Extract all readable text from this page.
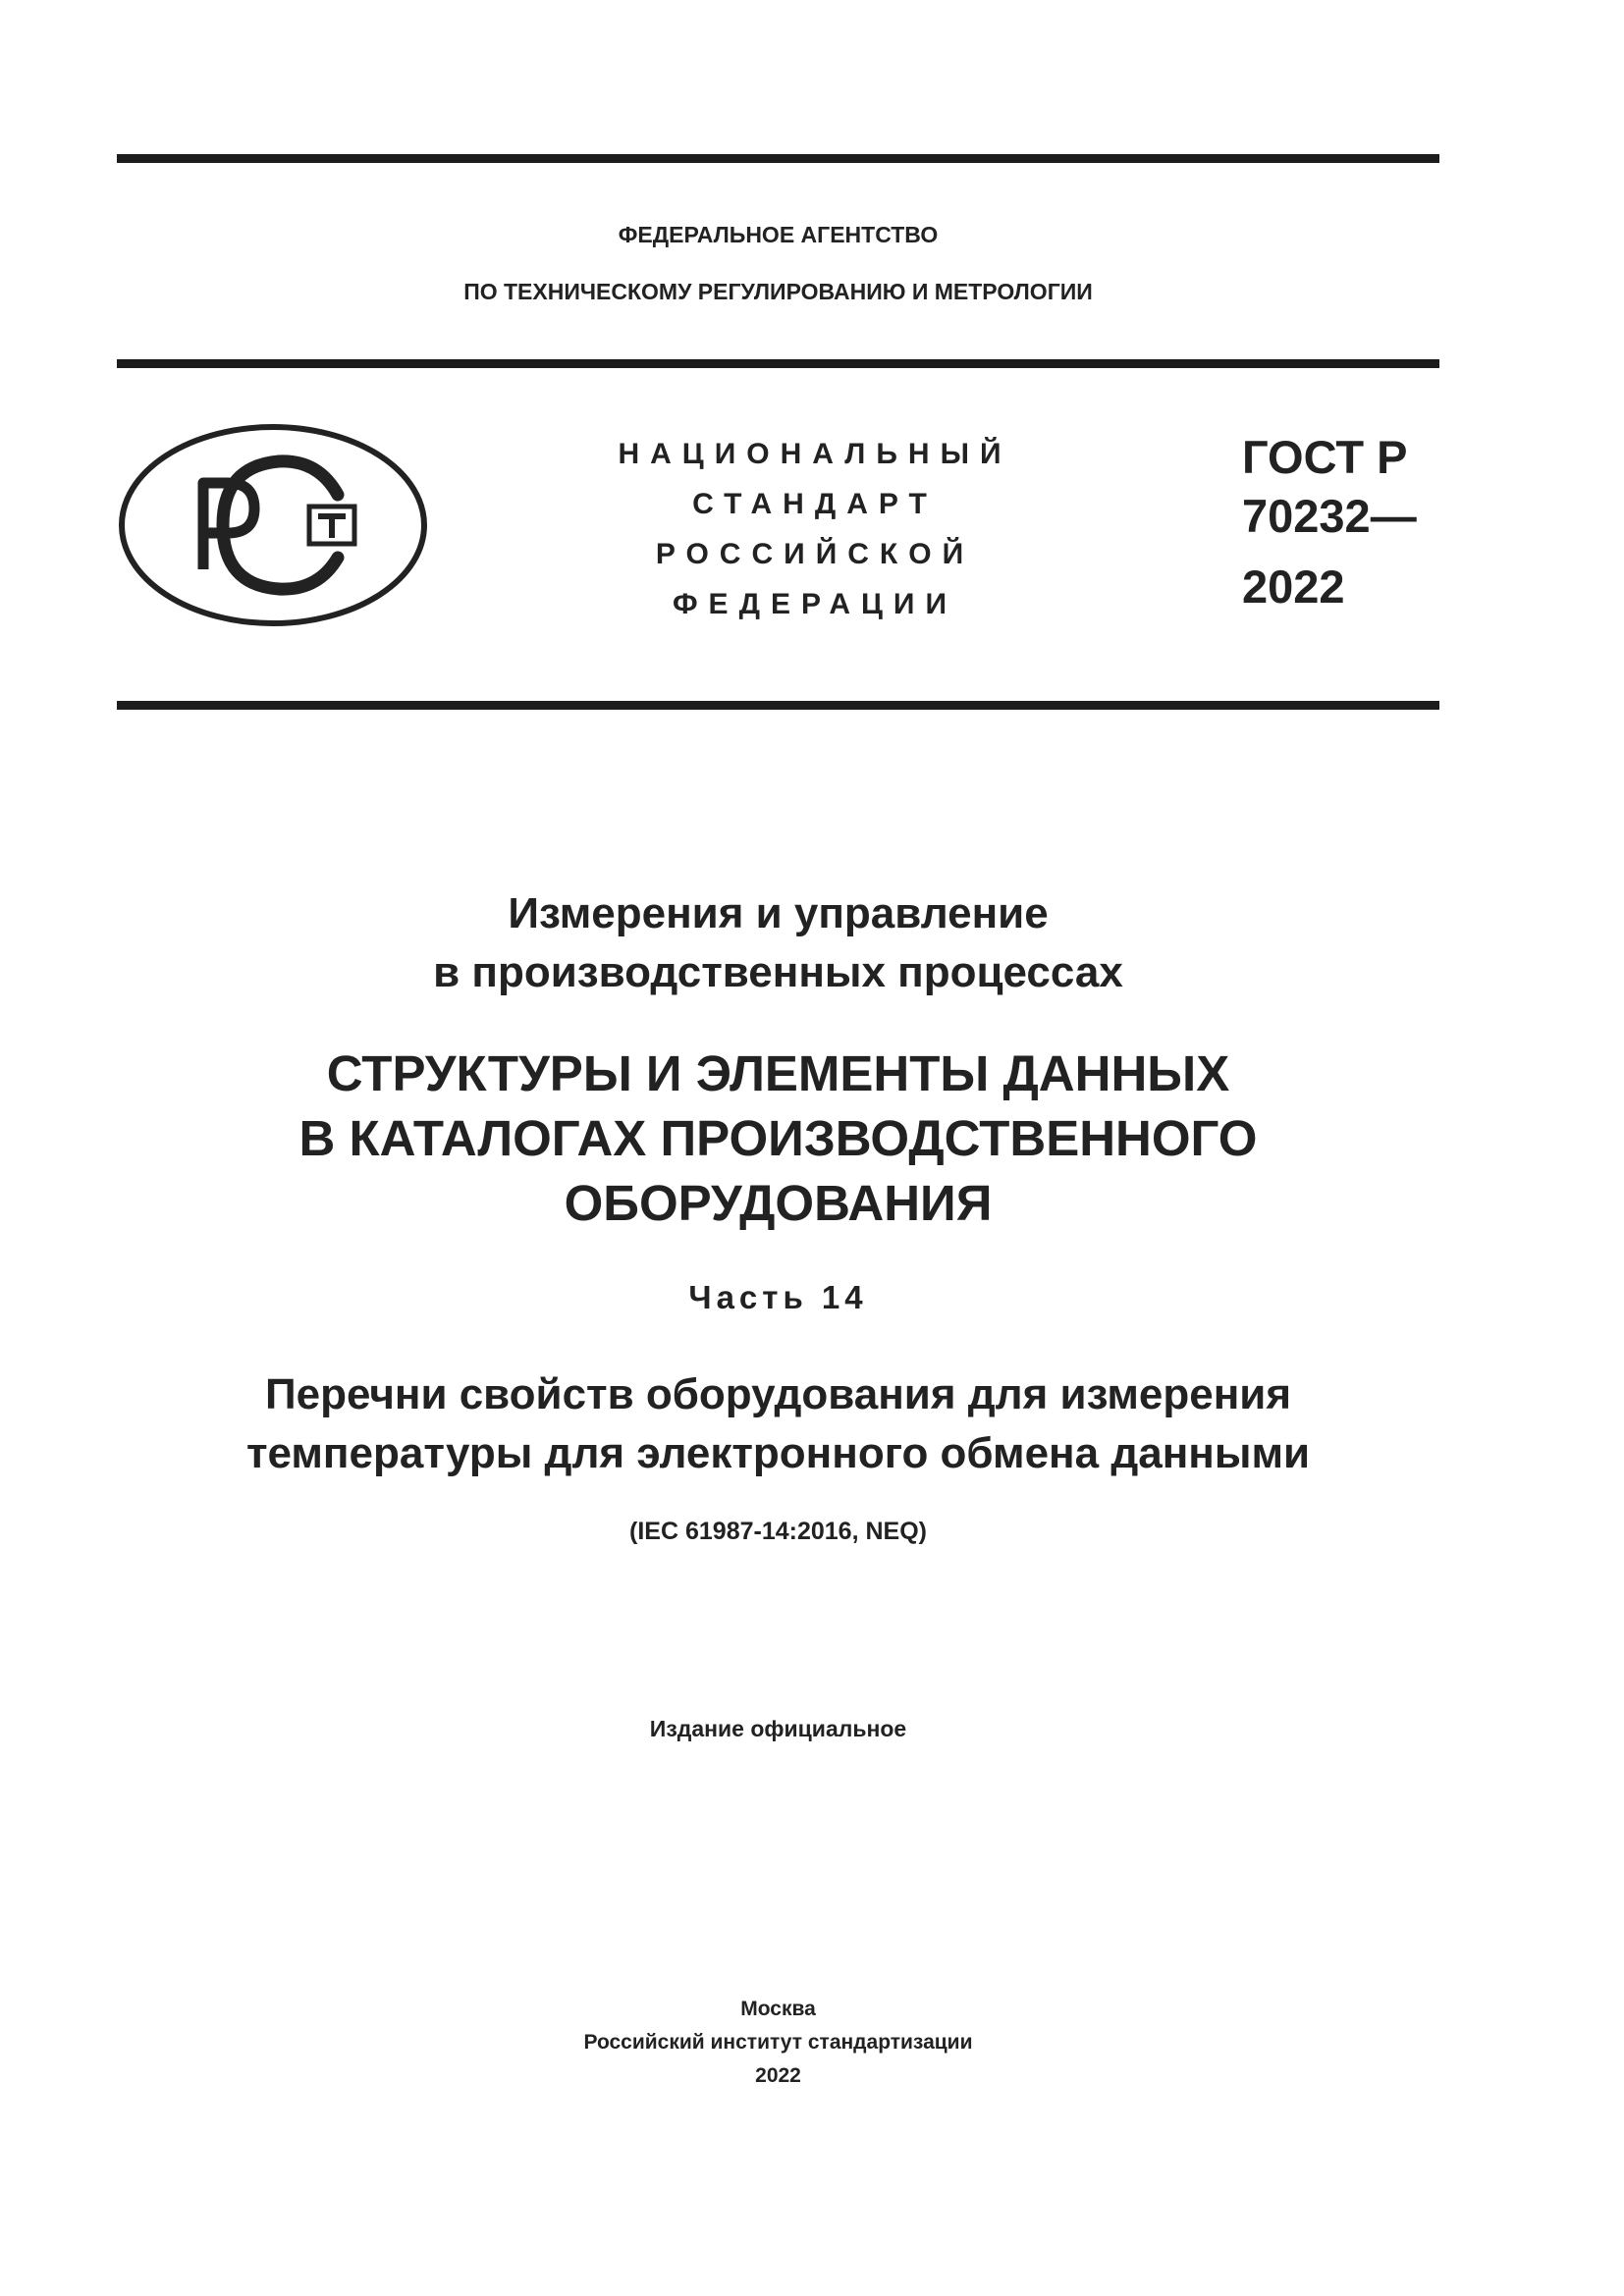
ФЕДЕРАЛЬНОЕ АГЕНТСТВО
ПО ТЕХНИЧЕСКОМУ РЕГУЛИРОВАНИЮ И МЕТРОЛОГИИ
НАЦИОНАЛЬНЫЙ
СТАНДАРТ
РОССИЙСКОЙ
ФЕДЕРАЦИИ
ГОСТ Р
70232—
2022
Измерения и управление
в производственных процессах
СТРУКТУРЫ И ЭЛЕМЕНТЫ ДАННЫХ
В КАТАЛОГАХ ПРОИЗВОДСТВЕННОГО
ОБОРУДОВАНИЯ
Часть 14
Перечни свойств оборудования для измерения
температуры для электронного обмена данными
(IEC 61987-14:2016, NEQ)
Издание официальное
Москва
Российский институт стандартизации
2022
